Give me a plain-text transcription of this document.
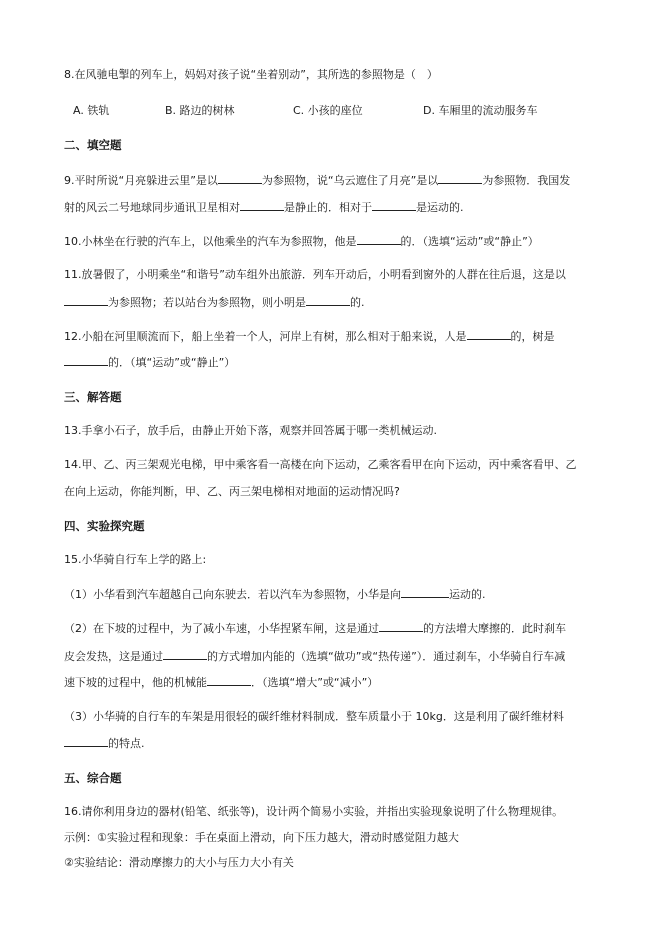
8.在风驰电掣的列车上，妈妈对孩子说“坐着别动”，其所选的参照物是（　）
A. 铁轨	B. 路边的树林	C. 小孩的座位	D. 车厢里的流动服务车
二、填空题
9.平时所说“月亮躲进云里”是以	为参照物，说“乌云遮住了月亮”是以	为参照物．我国发
射的风云二号地球同步通讯卫星相对	是静止的．相对于	是运动的.
10.小林坐在行驶的汽车上，以他乘坐的汽车为参照物，他是	的．（选填“运动”或“静止”）
11.放暑假了，小明乘坐“和谐号”动车组外出旅游．列车开动后，小明看到窗外的人群在往后退，这是以
为参照物；若以站台为参照物，则小明是	的.
12.小船在河里顺流而下，船上坐着一个人，河岸上有树，那么相对于船来说，人是	的，树是
的．（填“运动”或“静止”）
三、解答题
13.手拿小石子，放手后，由静止开始下落，观察并回答属于哪一类机械运动.
14.甲、乙、丙三架观光电梯，甲中乘客看一高楼在向下运动，乙乘客看甲在向下运动，丙中乘客看甲、乙
在向上运动，你能判断，甲、乙、丙三架电梯相对地面的运动情况吗?
四、实验探究题
15.小华骑自行车上学的路上:
（1）小华看到汽车超越自己向东驶去．若以汽车为参照物，小华是向	运动的.
（2）在下坡的过程中，为了减小车速，小华捏紧车闸，这是通过	的方法增大摩擦的．此时刹车
皮会发热，这是通过	的方式增加内能的（选填“做功”或“热传递”）．通过刹车，小华骑自行车减
速下坡的过程中，他的机械能	．（选填“增大”或“减小”）
（3）小华骑的自行车的车架是用很轻的碳纤维材料制成．整车质量小于 10kg．这是利用了碳纤维材料
的特点.
五、综合题
16.请你利用身边的器材(铅笔、纸张等)，设计两个简易小实验，并指出实验现象说明了什么物理规律。
示例：①实验过程和现象：手在桌面上滑动，向下压力越大，滑动时感觉阻力越大
②实验结论：滑动摩擦力的大小与压力大小有关
